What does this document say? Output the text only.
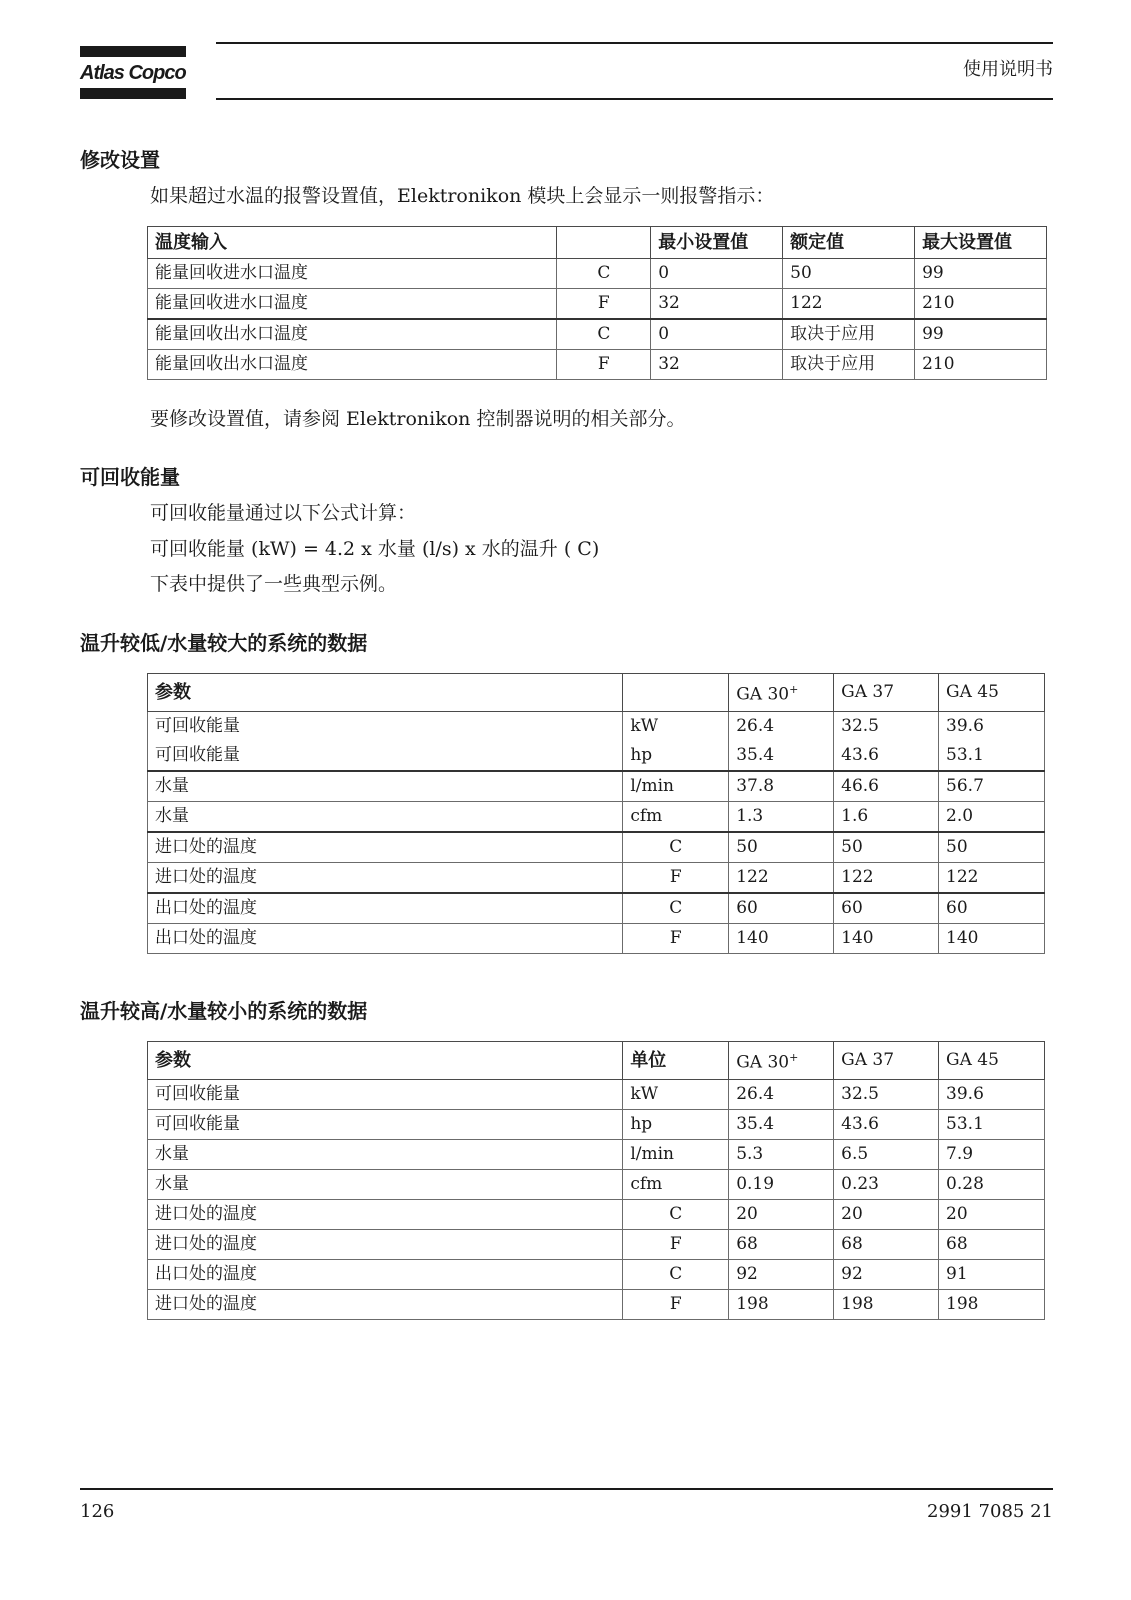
Atlas Copco	使用说明书
修改设置
如果超过水温的报警设置值，Elektronikon 模块上会显示一则报警指示：
温度输入		最小设置值	额定值	最大设置值
能量回收进水口温度	C	0	50	99
能量回收进水口温度	F	32	122	210
能量回收出水口温度	C	0	取决于应用	99
能量回收出水口温度	F	32	取决于应用	210
要修改设置值，请参阅 Elektronikon 控制器说明的相关部分。
可回收能量
可回收能量通过以下公式计算：
可回收能量 (kW) = 4.2 x 水量 (l/s) x 水的温升 ( C)
下表中提供了一些典型示例。
温升较低/水量较大的系统的数据
参数		GA 30+	GA 37	GA 45
可回收能量	kW	26.4	32.5	39.6
可回收能量	hp	35.4	43.6	53.1
水量	l/min	37.8	46.6	56.7
水量	cfm	1.3	1.6	2.0
进口处的温度	C	50	50	50
进口处的温度	F	122	122	122
出口处的温度	C	60	60	60
出口处的温度	F	140	140	140
温升较高/水量较小的系统的数据
参数	单位	GA 30+	GA 37	GA 45
可回收能量	kW	26.4	32.5	39.6
可回收能量	hp	35.4	43.6	53.1
水量	l/min	5.3	6.5	7.9
水量	cfm	0.19	0.23	0.28
进口处的温度	C	20	20	20
进口处的温度	F	68	68	68
出口处的温度	C	92	92	91
进口处的温度	F	198	198	198
126	2991 7085 21
